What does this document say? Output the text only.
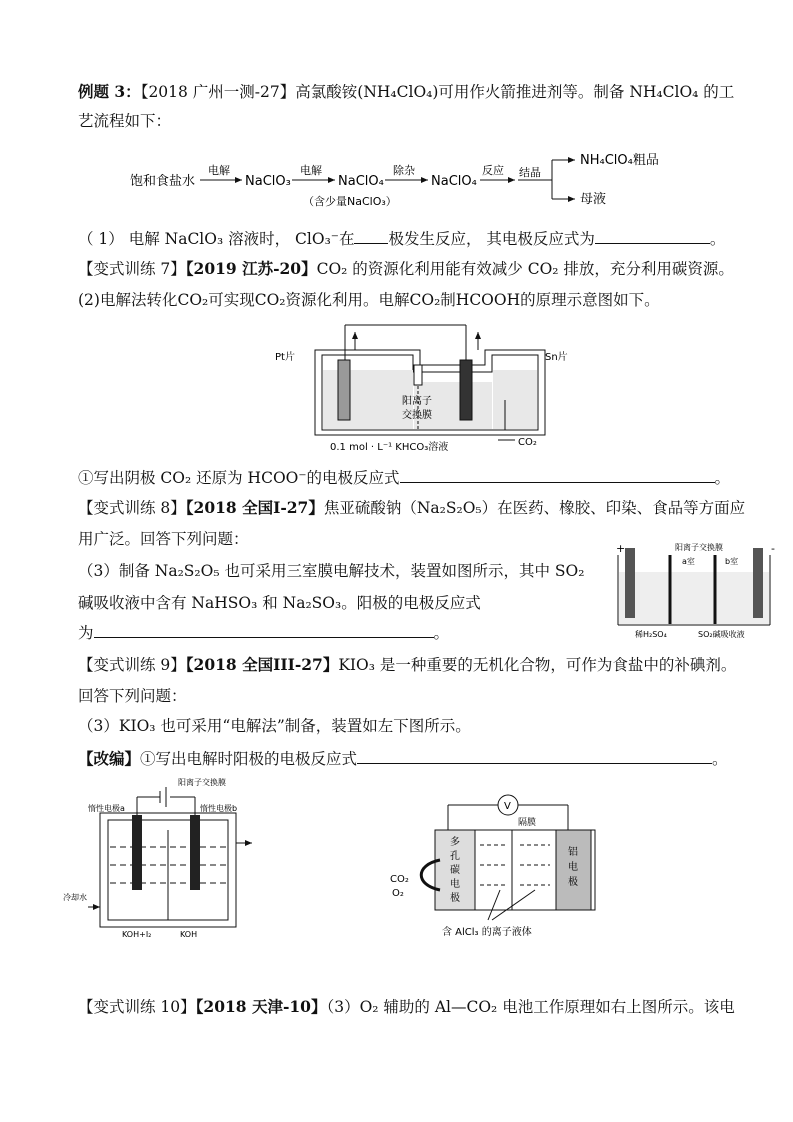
例题 3：【2018 广州一测-27】高氯酸铵(NH₄ClO₄)可用作火箭推进剂等。制备 NH₄ClO₄ 的工
艺流程如下：
饱和食盐水
电解
NaClO₃
电解
NaClO₄
（含少量NaClO₃）
除杂
NaClO₄
反应 结晶
NH₄ClO₄粗品
母液
（ 1） 电解 NaClO₃ 溶液时， ClO₃⁻在 极发生反应， 其电极反应式为	。
【变式训练 7】【2019 江苏-20】CO₂ 的资源化利用能有效减少 CO₂ 排放，充分利用碳资源。
(2)电解法转化CO₂可实现CO₂资源化利用。电解CO₂制HCOOH的原理示意图如下。
Pt片	Sn片
阳离子
交换膜
0.1 mol · L⁻¹ KHCO₃溶液	CO₂
①写出阴极 CO₂ 还原为 HCOO⁻的电极反应式	。
【变式训练 8】【2018 全国I-27】焦亚硫酸钠（Na₂S₂O₅）在医药、橡胶、印染、食品等方面应
用广泛。回答下列问题：
（3）制备 Na₂S₂O₅ 也可采用三室膜电解技术，装置如图所示，其中 SO₂
碱吸收液中含有 NaHSO₃ 和 Na₂SO₃。阳极的电极反应式
为	。
+	-
阳离子交换膜
a室	b室
稀H₂SO₄	SO₂碱吸收液
【变式训练 9】【2018 全国III-27】KIO₃ 是一种重要的无机化合物，可作为食盐中的补碘剂。
回答下列问题：
（3）KIO₃ 也可采用“电解法”制备，装置如左下图所示。
【改编】①写出电解时阳极的电极反应式	。
阳离子交换膜
惰性电极a	惰性电极b
冷却水
KOH+I₂	KOH
V
隔膜
多
孔
碳
电
极
铝
电
极
CO₂
O₂
含 AlCl₃ 的离子液体
【变式训练 10】【2018 天津-10】（3）O₂ 辅助的 Al—CO₂ 电池工作原理如右上图所示。该电
